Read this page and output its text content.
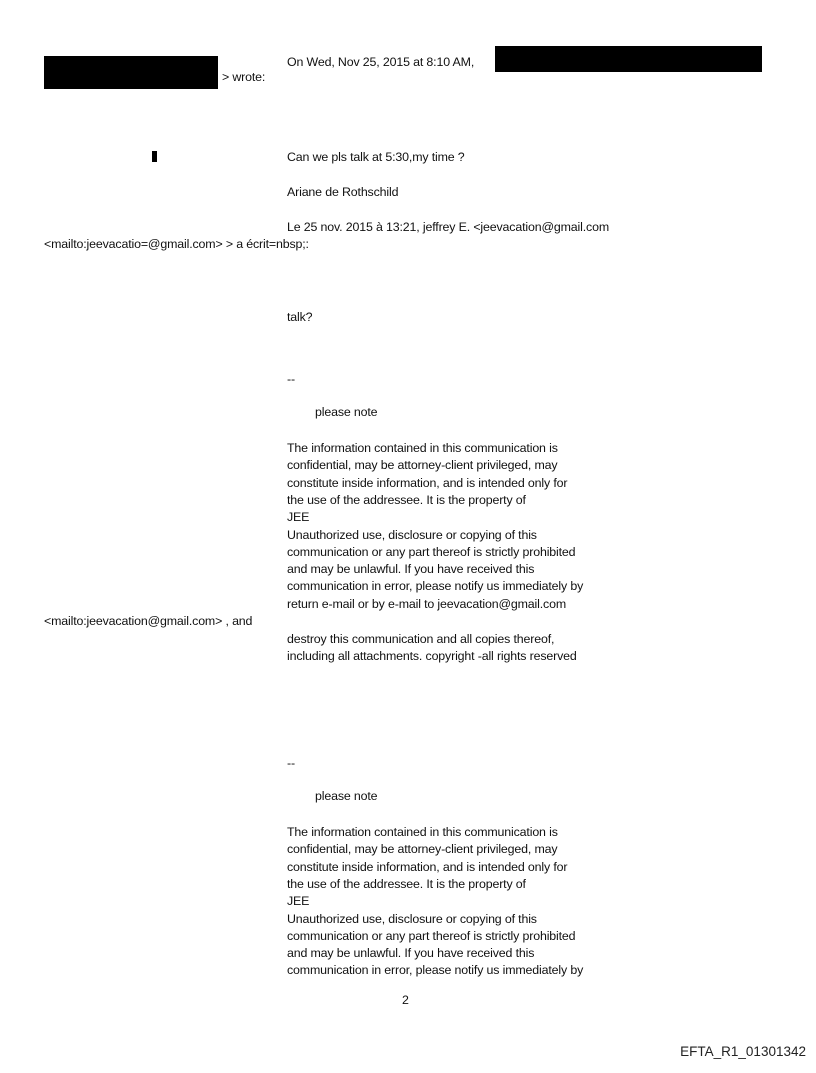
On Wed, Nov 25, 2015 at 8:10 AM,
> wrote:
Can we pls talk at 5:30,my time ?
Ariane de Rothschild
Le 25 nov. 2015 à 13:21, jeffrey E. <jeevacation@gmail.com
<mailto:jeevacatio=@gmail.com> > a écrit=nbsp;:
talk?
--
please note
The information contained in this communication is
confidential, may be attorney-client privileged, may
constitute inside information, and is intended only for
the use of the addressee. It is the property of
JEE
Unauthorized use, disclosure or copying of this
communication or any part thereof is strictly prohibited
and may be unlawful. If you have received this
communication in error, please notify us immediately by
return e-mail or by e-mail to jeevacation@gmail.com
<mailto:jeevacation@gmail.com> , and
destroy this communication and all copies thereof,
including all attachments. copyright -all rights reserved
--
please note
The information contained in this communication is
confidential, may be attorney-client privileged, may
constitute inside information, and is intended only for
the use of the addressee. It is the property of
JEE
Unauthorized use, disclosure or copying of this
communication or any part thereof is strictly prohibited
and may be unlawful. If you have received this
communication in error, please notify us immediately by
2
EFTA_R1_01301342
